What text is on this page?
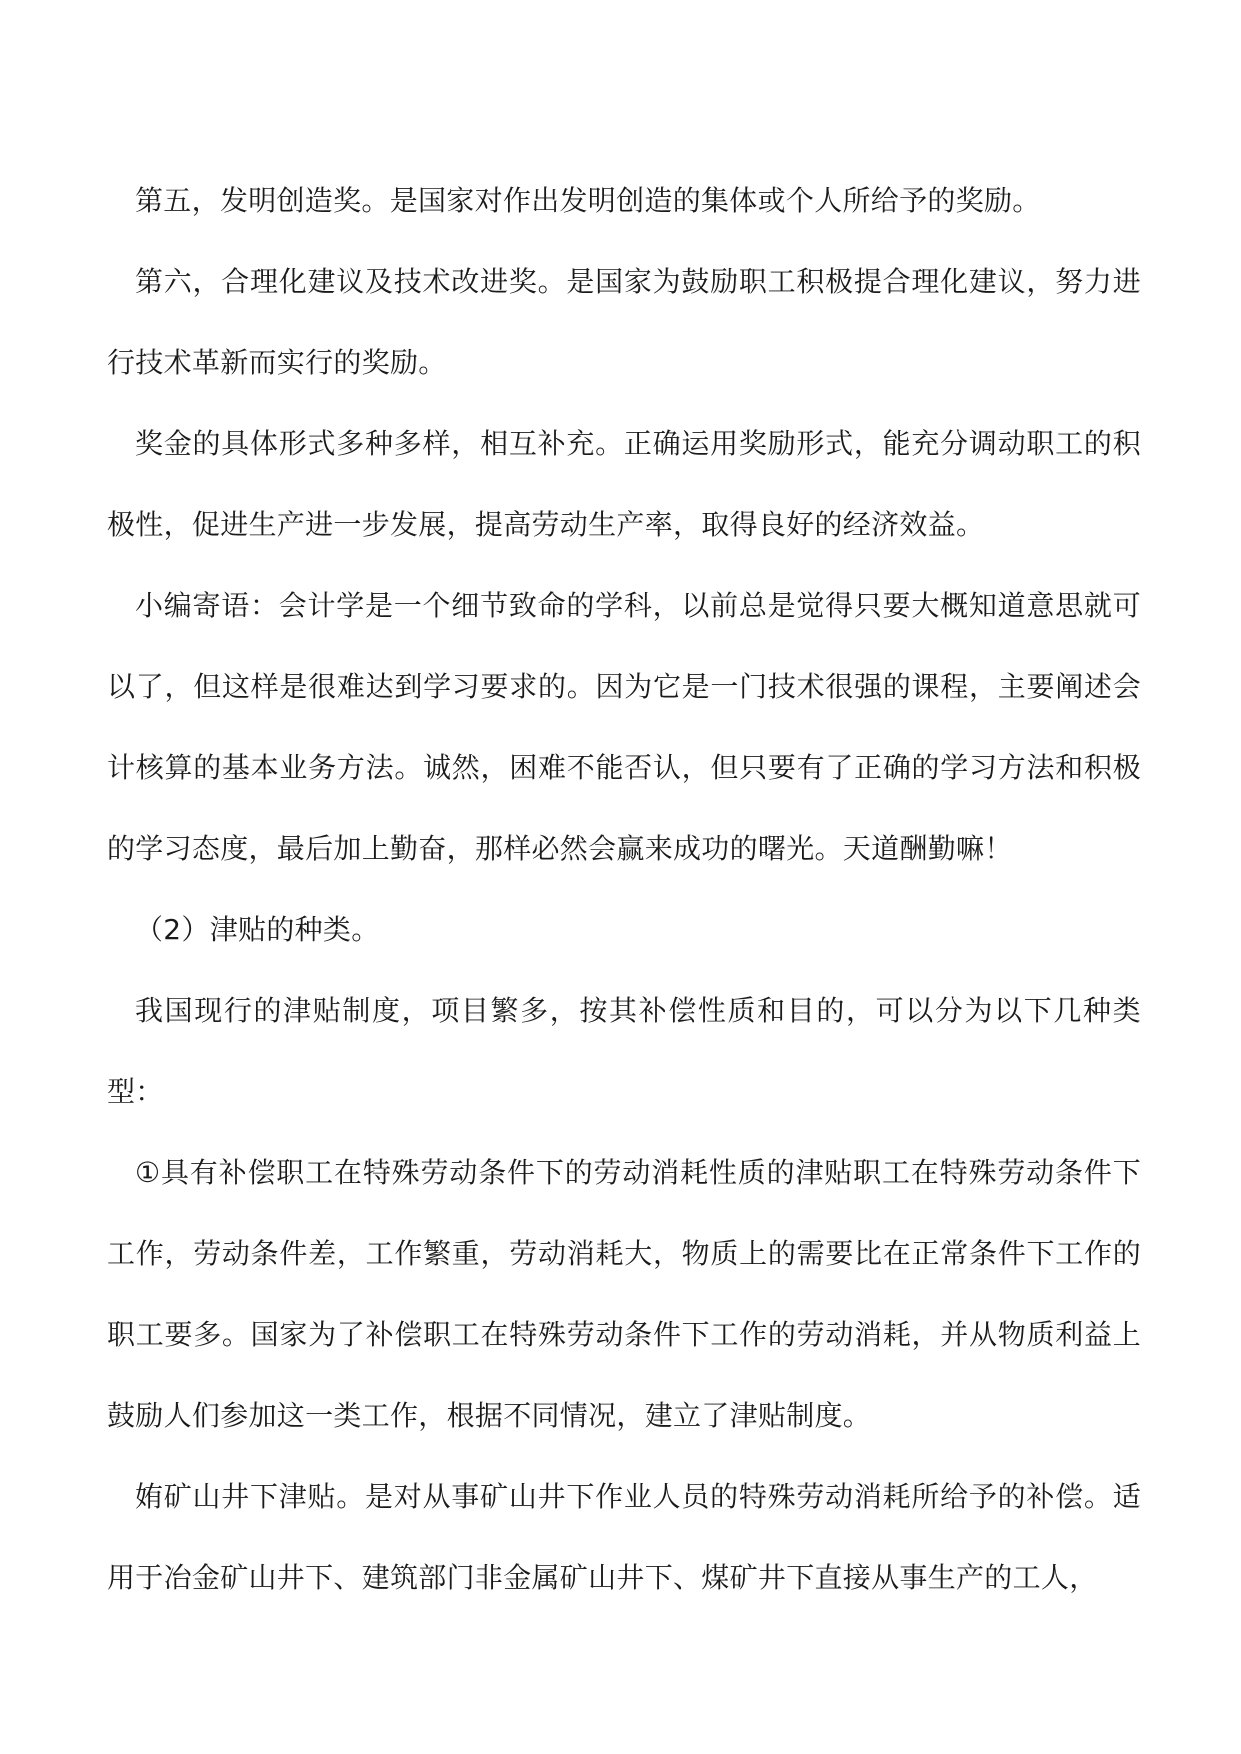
第五，发明创造奖。是国家对作出发明创造的集体或个人所给予的奖励。

第六，合理化建议及技术改进奖。是国家为鼓励职工积极提合理化建议，努力进行技术革新而实行的奖励。

奖金的具体形式多种多样，相互补充。正确运用奖励形式，能充分调动职工的积极性，促进生产进一步发展，提高劳动生产率，取得良好的经济效益。

小编寄语：会计学是一个细节致命的学科，以前总是觉得只要大概知道意思就可以了，但这样是很难达到学习要求的。因为它是一门技术很强的课程，主要阐述会计核算的基本业务方法。诚然，困难不能否认，但只要有了正确的学习方法和积极的学习态度，最后加上勤奋，那样必然会赢来成功的曙光。天道酬勤嘛！

（2）津贴的种类。

我国现行的津贴制度，项目繁多，按其补偿性质和目的，可以分为以下几种类型：

①具有补偿职工在特殊劳动条件下的劳动消耗性质的津贴职工在特殊劳动条件下工作，劳动条件差，工作繁重，劳动消耗大，物质上的需要比在正常条件下工作的职工要多。国家为了补偿职工在特殊劳动条件下工作的劳动消耗，并从物质利益上鼓励人们参加这一类工作，根据不同情况，建立了津贴制度。

姷矿山井下津贴。是对从事矿山井下作业人员的特殊劳动消耗所给予的补偿。适用于冶金矿山井下、建筑部门非金属矿山井下、煤矿井下直接从事生产的工人，
